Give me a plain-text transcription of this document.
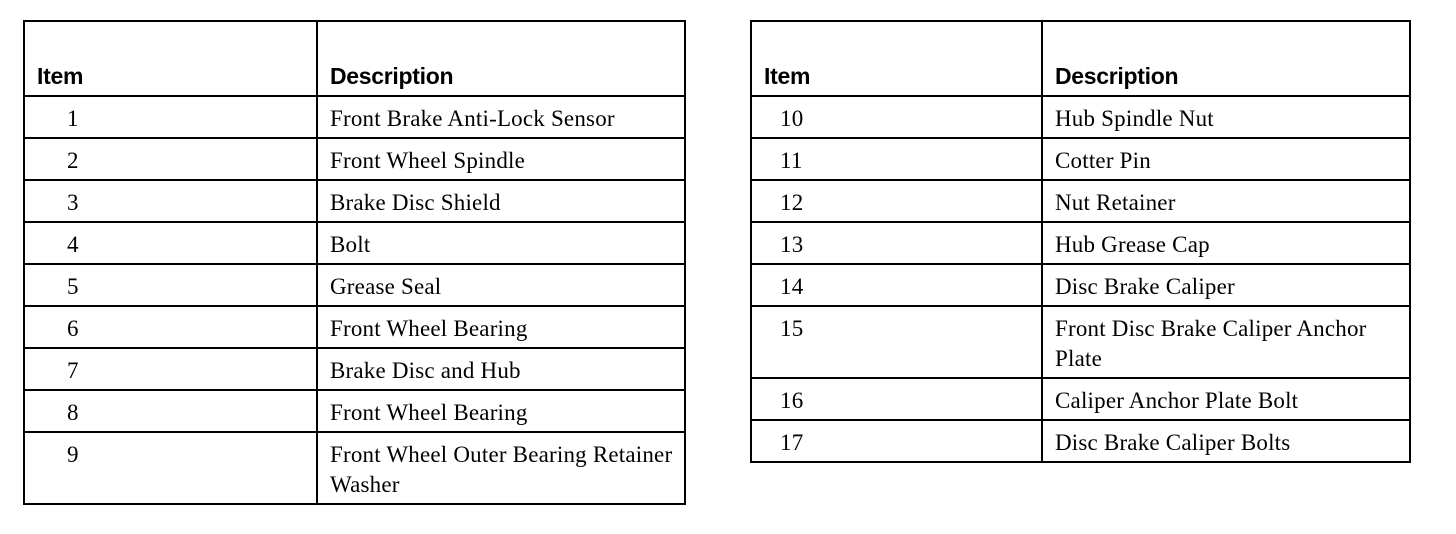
Item	Description
1	Front Brake Anti-Lock Sensor
2	Front Wheel Spindle
3	Brake Disc Shield
4	Bolt
5	Grease Seal
6	Front Wheel Bearing
7	Brake Disc and Hub
8	Front Wheel Bearing
9	Front Wheel Outer Bearing Retainer Washer
Item	Description
10	Hub Spindle Nut
11	Cotter Pin
12	Nut Retainer
13	Hub Grease Cap
14	Disc Brake Caliper
15	Front Disc Brake Caliper Anchor Plate
16	Caliper Anchor Plate Bolt
17	Disc Brake Caliper Bolts
